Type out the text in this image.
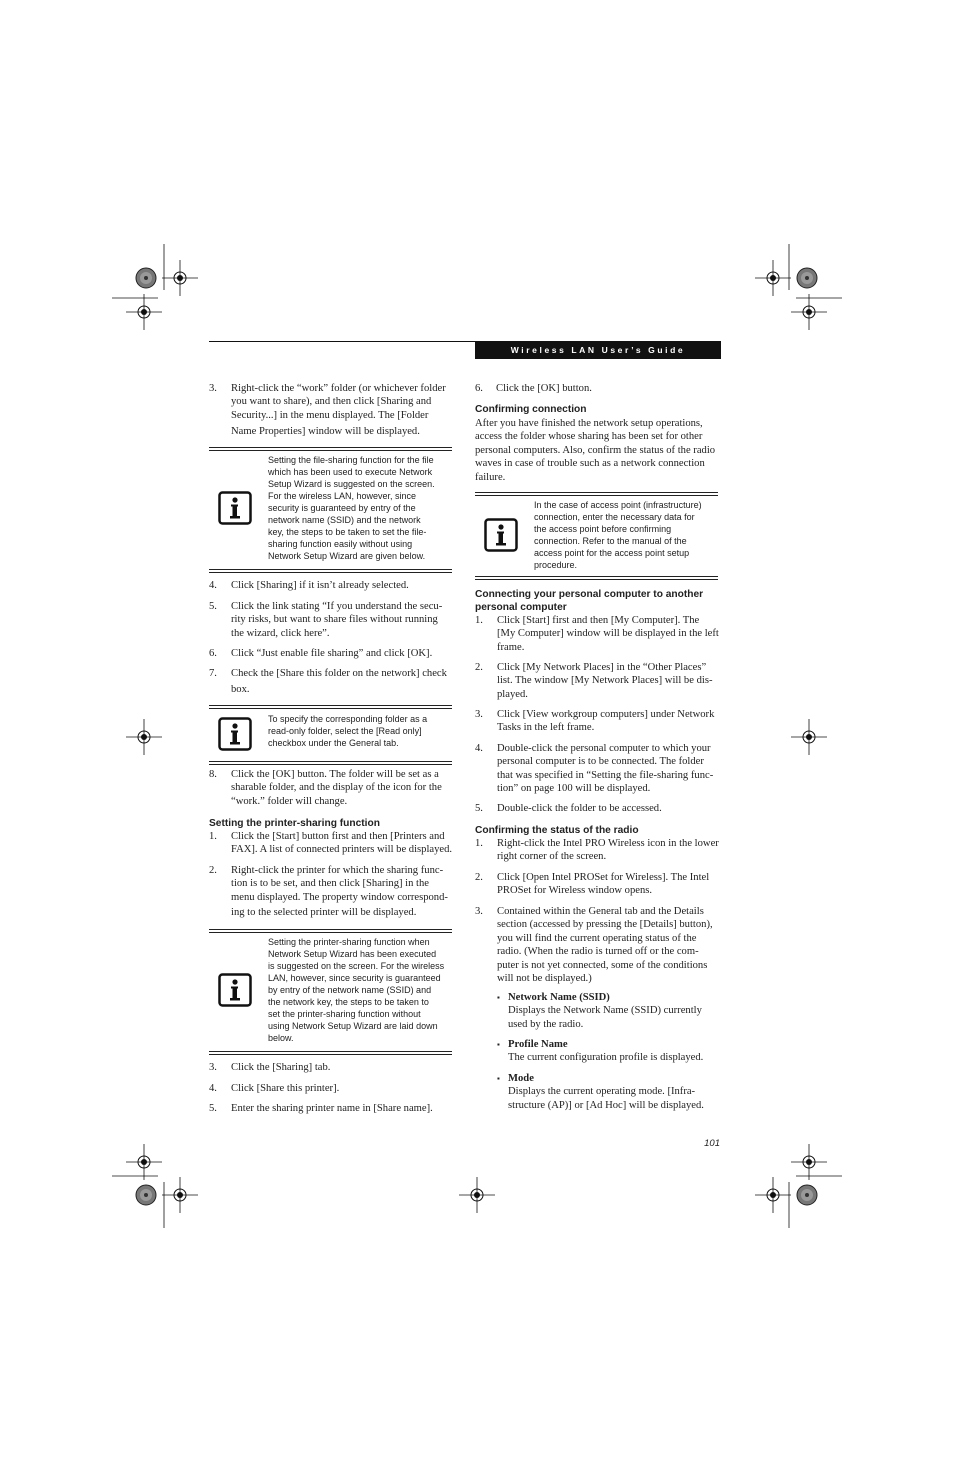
Wireless LAN User’s Guide
3. Right-click the “work” folder (or whichever folder
you want to share), and then click [Sharing and
Security...] in the menu displayed. The [Folder
Name Properties] window will be displayed.
Setting the file-sharing function for the file
which has been used to execute Network
Setup Wizard is suggested on the screen.
For the wireless LAN, however, since
security is guaranteed by entry of the
network name (SSID) and the network
key, the steps to be taken to set the file-
sharing function easily without using
Network Setup Wizard are given below.
4. Click [Sharing] if it isn’t already selected.
5. Click the link stating “If you understand the secu-
rity risks, but want to share files without running
the wizard, click here”.
6. Click “Just enable file sharing” and click [OK].
7. Check the [Share this folder on the network] check
box.
To specify the corresponding folder as a
read-only folder, select the [Read only]
checkbox under the General tab.
8. Click the [OK] button. The folder will be set as a
sharable folder, and the display of the icon for the
“work.” folder will change.
Setting the printer-sharing function
1. Click the [Start] button first and then [Printers and
FAX]. A list of connected printers will be displayed.
2. Right-click the printer for which the sharing func-
tion is to be set, and then click [Sharing] in the
menu displayed. The property window correspond-
ing to the selected printer will be displayed.
Setting the printer-sharing function when
Network Setup Wizard has been executed
is suggested on the screen. For the wireless
LAN, however, since security is guaranteed
by entry of the network name (SSID) and
the network key, the steps to be taken to
set the printer-sharing function without
using Network Setup Wizard are laid down
below.
3. Click the [Sharing] tab.
4. Click [Share this printer].
5. Enter the sharing printer name in [Share name].
6. Click the [OK] button.
Confirming connection
After you have finished the network setup operations,
access the folder whose sharing has been set for other
personal computers. Also, confirm the status of the radio
waves in case of trouble such as a network connection
failure.
In the case of access point (infrastructure)
connection, enter the necessary data for
the access point before confirming
connection. Refer to the manual of the
access point for the access point setup
procedure.
Connecting your personal computer to another
personal computer
1. Click [Start] first and then [My Computer]. The
[My Computer] window will be displayed in the left
frame.
2. Click [My Network Places] in the “Other Places”
list. The window [My Network Places] will be dis-
played.
3. Click [View workgroup computers] under Network
Tasks in the left frame.
4. Double-click the personal computer to which your
personal computer is to be connected. The folder
that was specified in “Setting the file-sharing func-
tion” on page 100 will be displayed.
5. Double-click the folder to be accessed.
Confirming the status of the radio
1. Right-click the Intel PRO Wireless icon in the lower
right corner of the screen.
2. Click [Open Intel PROSet for Wireless]. The Intel
PROSet for Wireless window opens.
3. Contained within the General tab and the Details
section (accessed by pressing the [Details] button),
you will find the current operating status of the
radio. (When the radio is turned off or the com-
puter is not yet connected, some of the conditions
will not be displayed.)
▪ Network Name (SSID)
Displays the Network Name (SSID) currently
used by the radio.
▪ Profile Name
The current configuration profile is displayed.
▪ Mode
Displays the current operating mode. [Infra-
structure (AP)] or [Ad Hoc] will be displayed.
101
